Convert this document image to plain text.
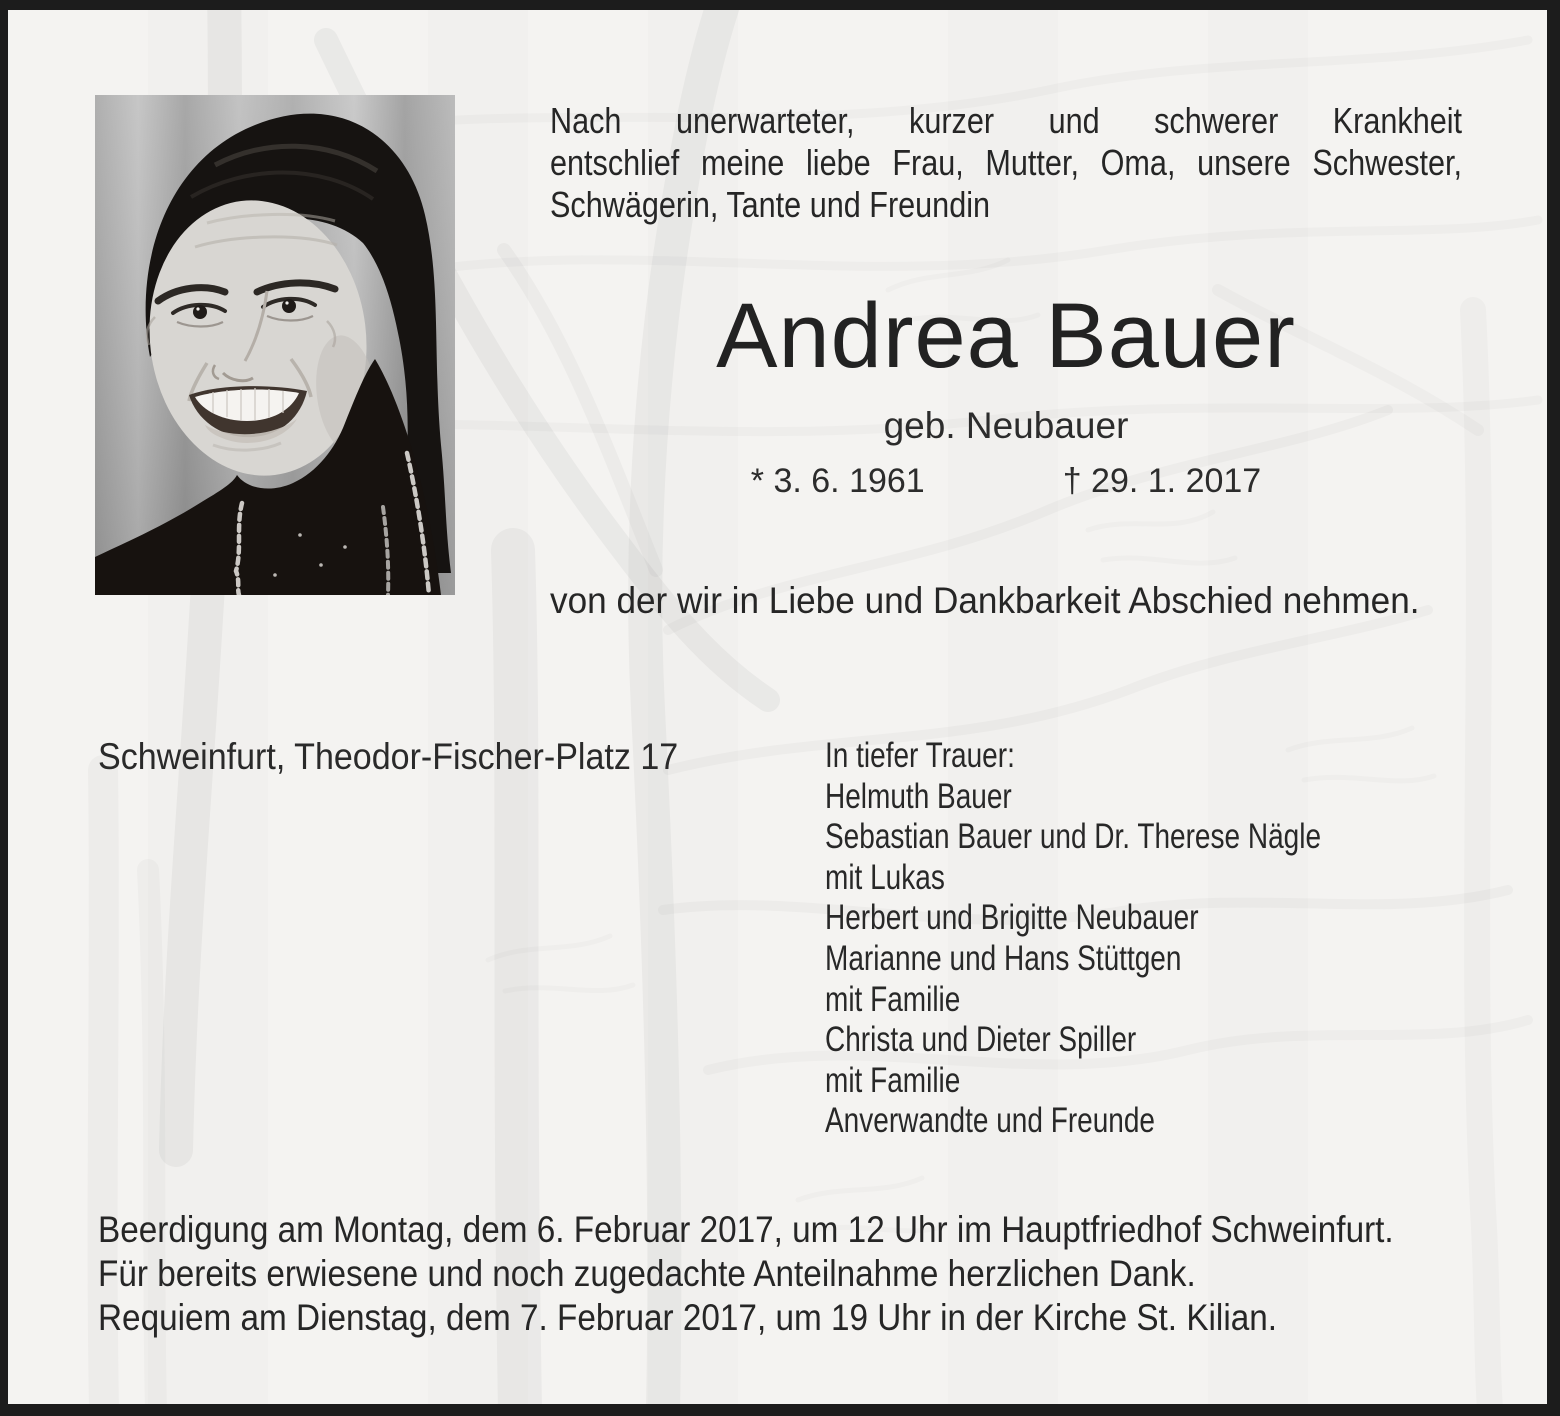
Nach unerwarteter, kurzer und schwerer Krankheit
entschlief meine liebe Frau, Mutter, Oma, unsere Schwester,
Schwägerin, Tante und Freundin
Andrea Bauer
geb. Neubauer
* 3. 6. 1961	† 29. 1. 2017
von der wir in Liebe und Dankbarkeit Abschied nehmen.
Schweinfurt, Theodor-Fischer-Platz 17	In tiefer Trauer:
Helmuth Bauer
Sebastian Bauer und Dr. Therese Nägle
mit Lukas
Herbert und Brigitte Neubauer
Marianne und Hans Stüttgen
mit Familie
Christa und Dieter Spiller
mit Familie
Anverwandte und Freunde
Beerdigung am Montag, dem 6. Februar 2017, um 12 Uhr im Hauptfriedhof Schweinfurt.
Für bereits erwiesene und noch zugedachte Anteilnahme herzlichen Dank.
Requiem am Dienstag, dem 7. Februar 2017, um 19 Uhr in der Kirche St. Kilian.
